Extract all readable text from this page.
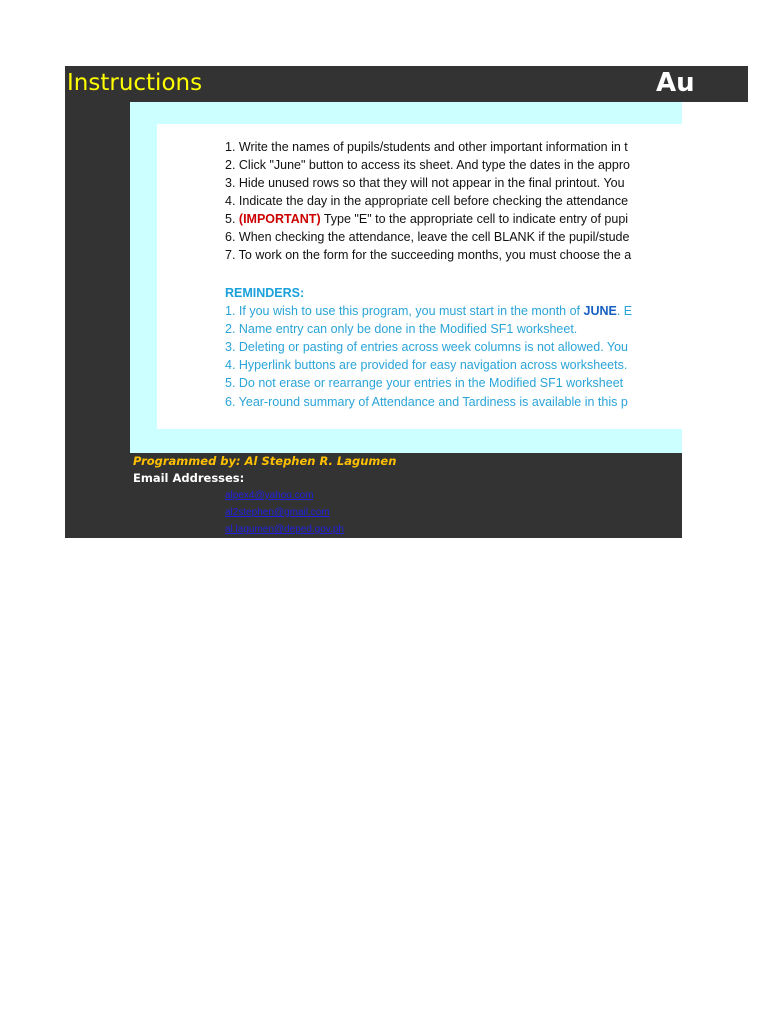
Instructions
1. Write the names of pupils/students and other important information in t
2. Click "June" button to access its sheet. And type the dates in the appro
3. Hide unused rows so that they will not appear in the final printout. You
4. Indicate the day in the appropriate cell before checking the attendance
5. (IMPORTANT) Type "E" to the appropriate cell to indicate entry of pupi
6. When checking the attendance, leave the cell BLANK if the pupil/stude
7. To work on the form for the succeeding months, you must choose the a
REMINDERS:
1. If you wish to use this program, you must start in the month of JUNE. E
2. Name entry can only be done in the Modified SF1 worksheet.
3. Deleting or pasting of entries across week columns is not allowed. You
4. Hyperlink buttons are provided for easy navigation across worksheets.
5. Do not erase or rearrange your entries in the Modified SF1 worksheet
6. Year-round summary of Attendance and Tardiness is available in this p
Programmed by: Al Stephen R. Lagumen
Email Addresses:
alpex4@yahoo.com
al2stephen@gmail.com
al.lagumen@deped.gov.ph
Au
